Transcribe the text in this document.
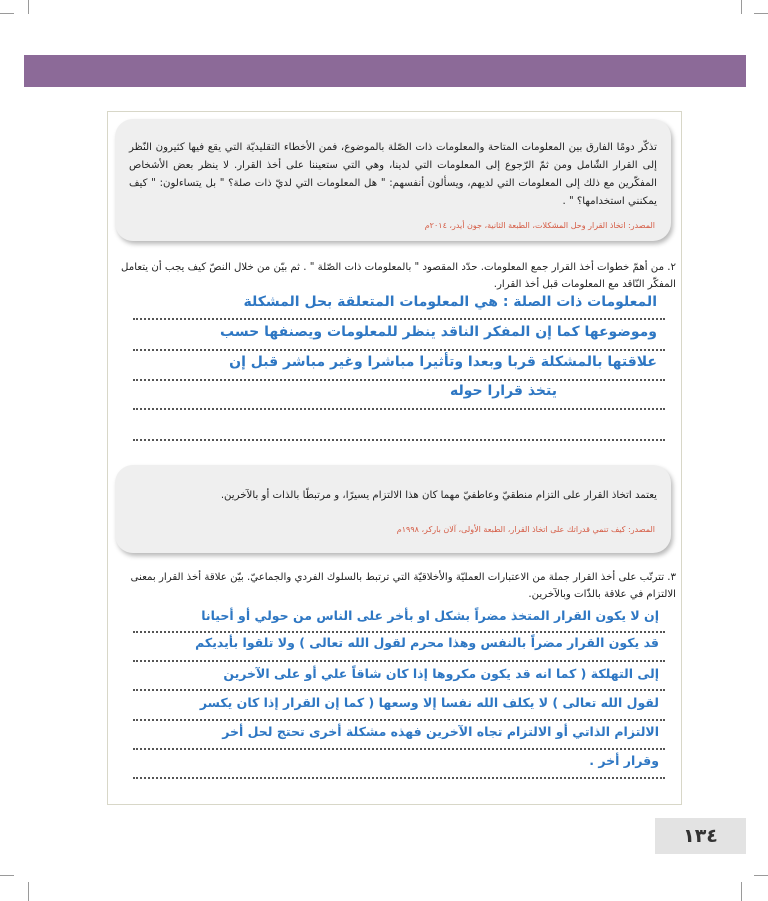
تذكّر دومًا الفارق بين المعلومات المتاحة والمعلومات ذات الصّلة بالموضوع، فمن الأخطاء التقليديّة التي يقع فيها كثيرون النّظر إلى القرار الشّامل ومن ثمّ الرّجوع إلى المعلومات التي لدينا، وهي التي ستعيننا على أخذ القرار. لا ينظر بعض الأشخاص المفكّرين مع ذلك إلى المعلومات التي لديهم، ويسألون أنفسهم: " هل المعلومات التي لديّ ذات صلة؟ " بل يتساءلون: " كيف يمكنني استخدامها؟ " .
المصدر: اتخاذ القرار وحل المشكلات، الطبعة الثانية، جون أيدر، ٢٠١٤م
٢. من أهمّ خطوات أخذ القرار جمع المعلومات. حدّد المقصود " بالمعلومات ذات الصّلة " . ثم بيّن من خلال النصّ كيف يجب أن يتعامل المفكّر النّاقد مع المعلومات قبل أخذ القرار.
المعلومات ذات الصلة : هي المعلومات المتعلقة بحل المشكلة
وموضوعها كما إن المفكر الناقد ينظر للمعلومات ويصنفها حسب
علاقتها بالمشكلة قربا وبعدا وتأثيرا مباشرا وغير مباشر قبل إن
يتخذ قرارا حوله
يعتمد اتخاذ القرار على التزام منطقيّ وعاطفيّ مهما كان هذا الالتزام يسيرًا، و مرتبطًا بالذات أو بالآخرين.
المصدر: كيف تنمي قدراتك على اتخاذ القرار، الطبعة الأولى، آلان باركر، ١٩٩٨م
٣. تترتّب على أخذ القرار جملة من الاعتبارات العمليّة والأخلاقيّة التي ترتبط بالسلوك الفردي والجماعيّ. بيّن علاقة أخذ القرار بمعنى الالتزام في علاقة بالذّات وبالآخرين.
إن لا يكون القرار المتخذ مضراً بشكل او بأخر على الناس من حولي أو أحيانا
قد يكون القرار مضراً بالنفس وهذا محرم لقول الله تعالى ) ولا تلقوا بأيديكم
إلى التهلكة ( كما انه قد يكون مكروها إذا كان شاقاً علي أو على الآخرين
لقول الله تعالى ) لا يكلف الله نفسا إلا وسعها ( كما إن القرار إذا كان يكسر
الالتزام الذاتي أو الالتزام تجاه الآخرين فهذه مشكلة أخرى تحتج لحل أخر
وقرار أخر .
١٣٤
